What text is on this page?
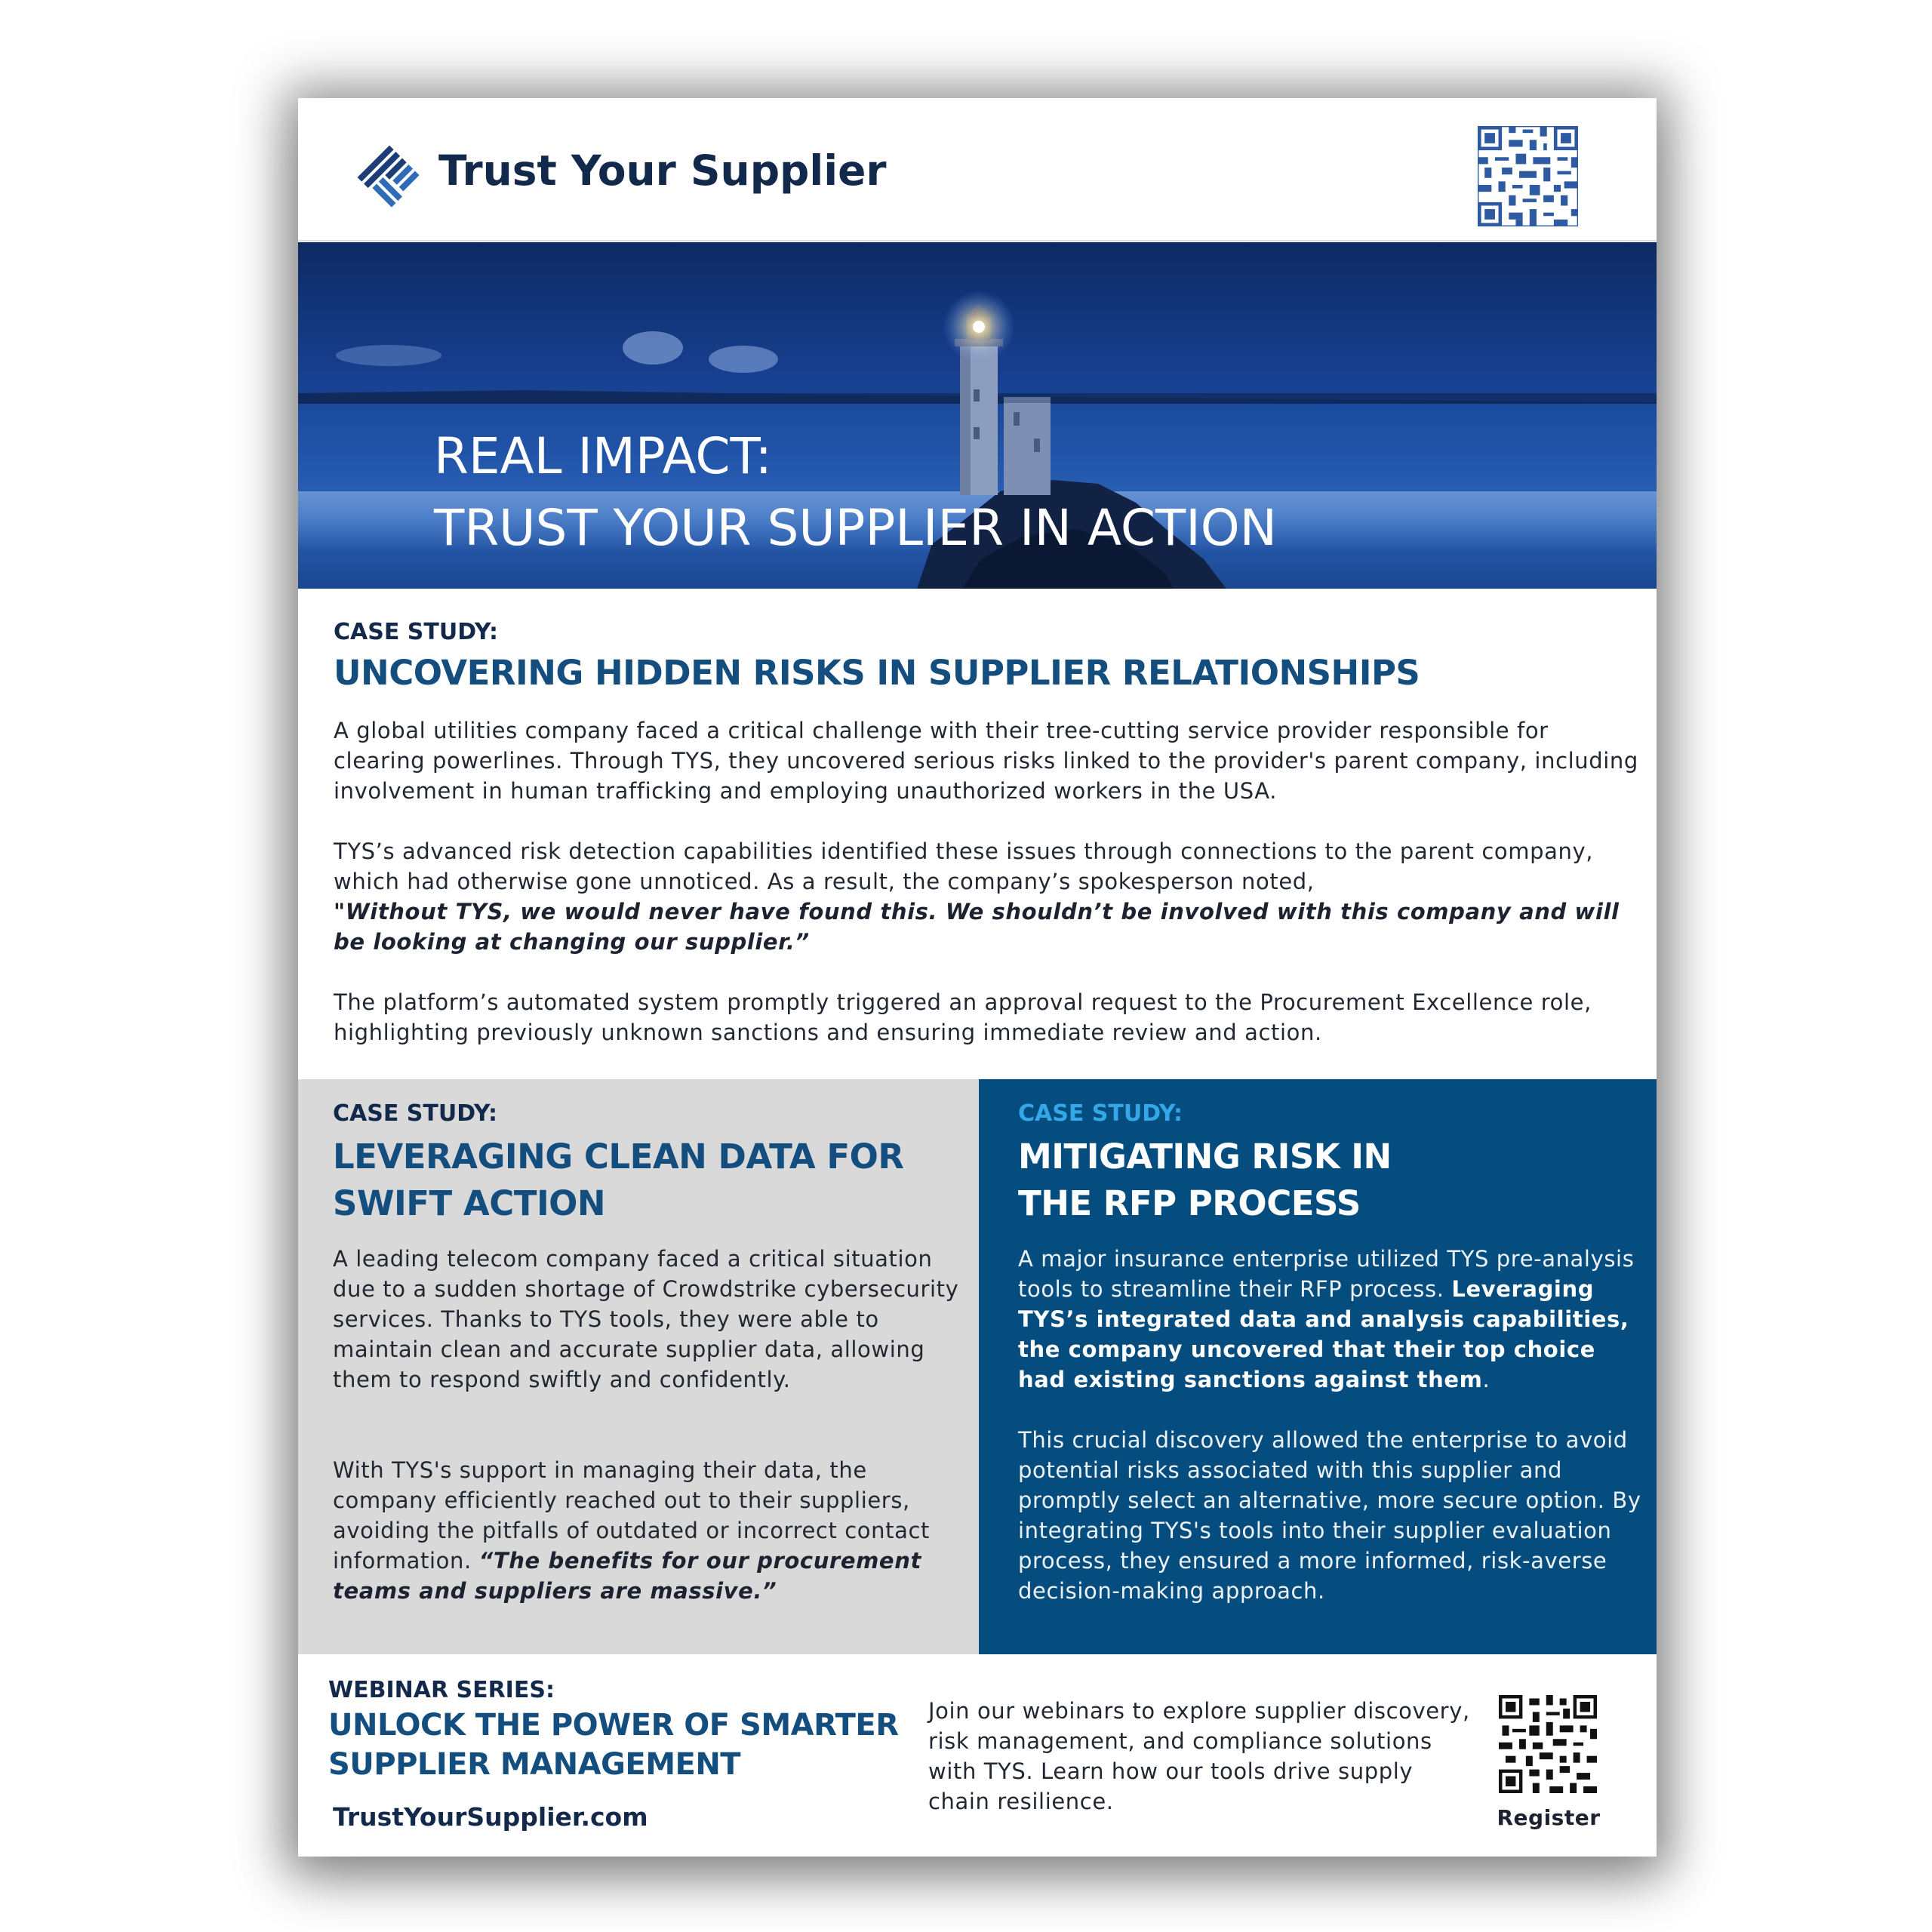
Trust Your Supplier
REAL IMPACT:
TRUST YOUR SUPPLIER IN ACTION
CASE STUDY:
UNCOVERING HIDDEN RISKS IN SUPPLIER RELATIONSHIPS
A global utilities company faced a critical challenge with their tree-cutting service provider responsible for clearing powerlines. Through TYS, they uncovered serious risks linked to the provider's parent company, including involvement in human trafficking and employing unauthorized workers in the USA.
TYS’s advanced risk detection capabilities identified these issues through connections to the parent company, which had otherwise gone unnoticed. As a result, the company’s spokesperson noted,
"Without TYS, we would never have found this. We shouldn’t be involved with this company and will be looking at changing our supplier.”
The platform’s automated system promptly triggered an approval request to the Procurement Excellence role, highlighting previously unknown sanctions and ensuring immediate review and action.
CASE STUDY:
LEVERAGING CLEAN DATA FOR
SWIFT ACTION
A leading telecom company faced a critical situation due to a sudden shortage of Crowdstrike cybersecurity services. Thanks to TYS tools, they were able to maintain clean and accurate supplier data, allowing them to respond swiftly and confidently.
With TYS's support in managing their data, the company efficiently reached out to their suppliers, avoiding the pitfalls of outdated or incorrect contact information. “The benefits for our procurement teams and suppliers are massive.”
CASE STUDY:
MITIGATING RISK IN
THE RFP PROCESS
A major insurance enterprise utilized TYS pre-analysis tools to streamline their RFP process. Leveraging TYS’s integrated data and analysis capabilities, the company uncovered that their top choice had existing sanctions against them.
This crucial discovery allowed the enterprise to avoid potential risks associated with this supplier and promptly select an alternative, more secure option. By integrating TYS's tools into their supplier evaluation process, they ensured a more informed, risk-averse decision-making approach.
WEBINAR SERIES:
UNLOCK THE POWER OF SMARTER
SUPPLIER MANAGEMENT
TrustYourSupplier.com
Join our webinars to explore supplier discovery, risk management, and compliance solutions with TYS. Learn how our tools drive supply chain resilience.
Register
